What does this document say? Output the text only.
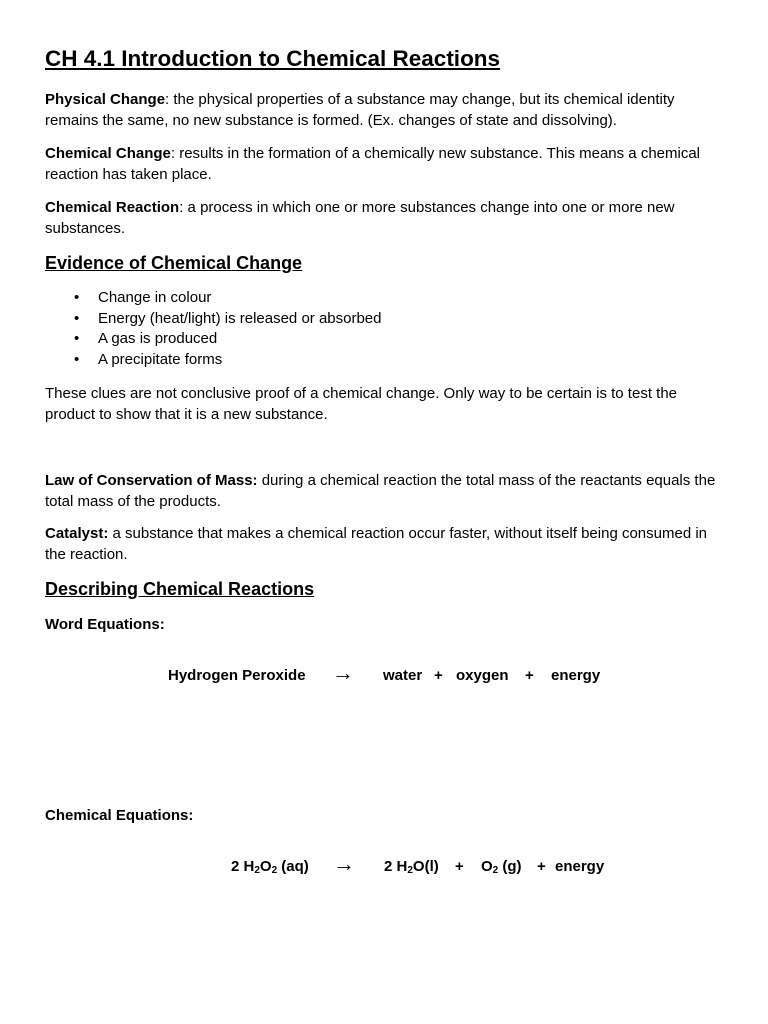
CH 4.1 Introduction to Chemical Reactions

Physical Change: the physical properties of a substance may change, but its chemical identity remains the same, no new substance is formed. (Ex. changes of state and dissolving).

Chemical Change: results in the formation of a chemically new substance. This means a chemical reaction has taken place.

Chemical Reaction: a process in which one or more substances change into one or more new substances.

Evidence of Chemical Change
• Change in colour
• Energy (heat/light) is released or absorbed
• A gas is produced
• A precipitate forms

These clues are not conclusive proof of a chemical change. Only way to be certain is to test the product to show that it is a new substance.

Law of Conservation of Mass: during a chemical reaction the total mass of the reactants equals the total mass of the products.

Catalyst: a substance that makes a chemical reaction occur faster, without itself being consumed in the reaction.

Describing Chemical Reactions

Word Equations:

Chemical Equations:

Hydrogen Peroxide → water + oxygen + energy
2 $H_2O_2$ (aq) → 2 $H_2O(l) + O_2$ (g) + energy
